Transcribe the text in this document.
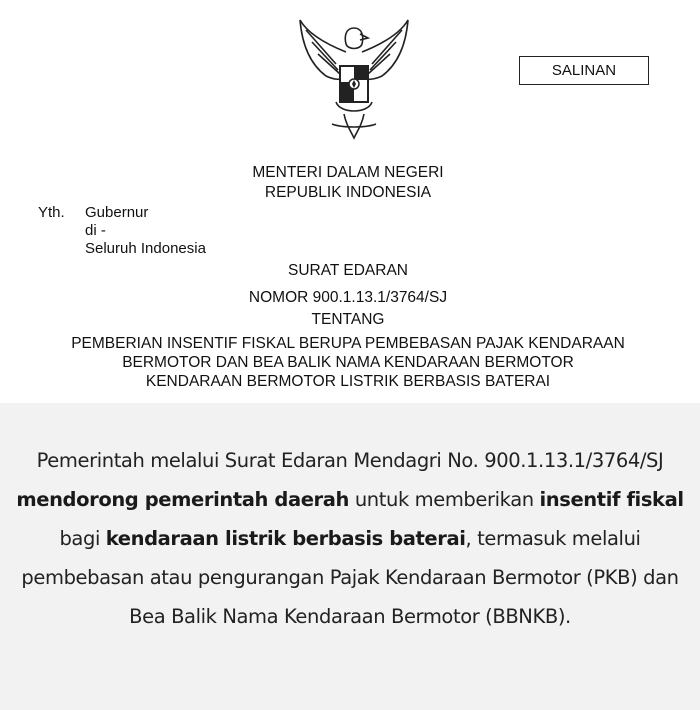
SALINAN
MENTERI DALAM NEGERI
REPUBLIK INDONESIA
Yth. Gubernur
di -
Seluruh Indonesia
SURAT EDARAN
NOMOR 900.1.13.1/3764/SJ
TENTANG
PEMBERIAN INSENTIF FISKAL BERUPA PEMBEBASAN PAJAK KENDARAAN
BERMOTOR DAN BEA BALIK NAMA KENDARAAN BERMOTOR
KENDARAAN BERMOTOR LISTRIK BERBASIS BATERAI
Pemerintah melalui Surat Edaran Mendagri No. 900.1.13.1/3764/SJ mendorong pemerintah daerah untuk memberikan insentif fiskal bagi kendaraan listrik berbasis baterai, termasuk melalui pembebasan atau pengurangan Pajak Kendaraan Bermotor (PKB) dan Bea Balik Nama Kendaraan Bermotor (BBNKB).
